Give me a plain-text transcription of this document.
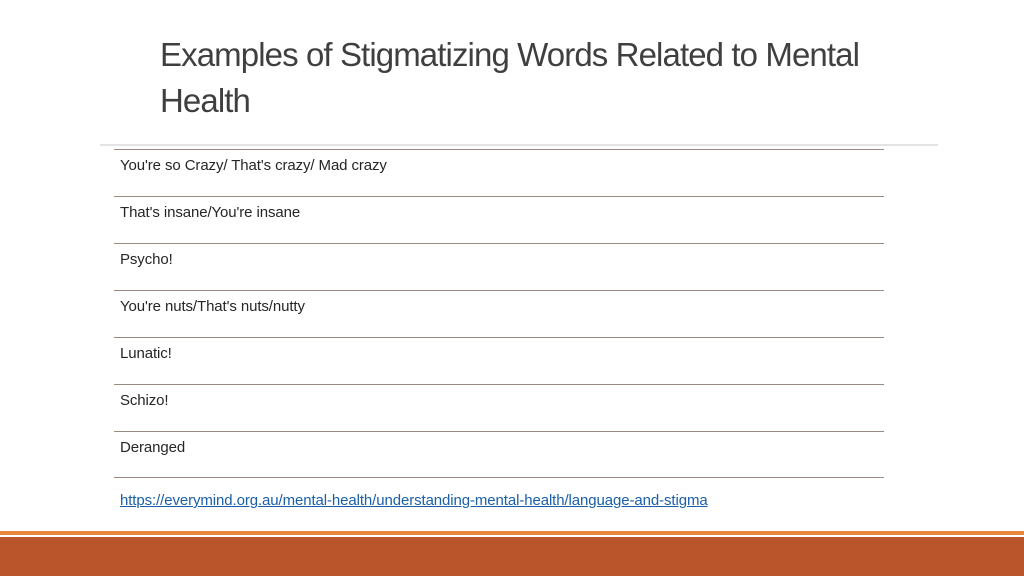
Examples of Stigmatizing Words Related to Mental Health
You're so Crazy/ That's crazy/ Mad crazy
That's insane/You're insane
Psycho!
You're nuts/That's nuts/nutty
Lunatic!
Schizo!
Deranged
https://everymind.org.au/mental-health/understanding-mental-health/language-and-stigma
